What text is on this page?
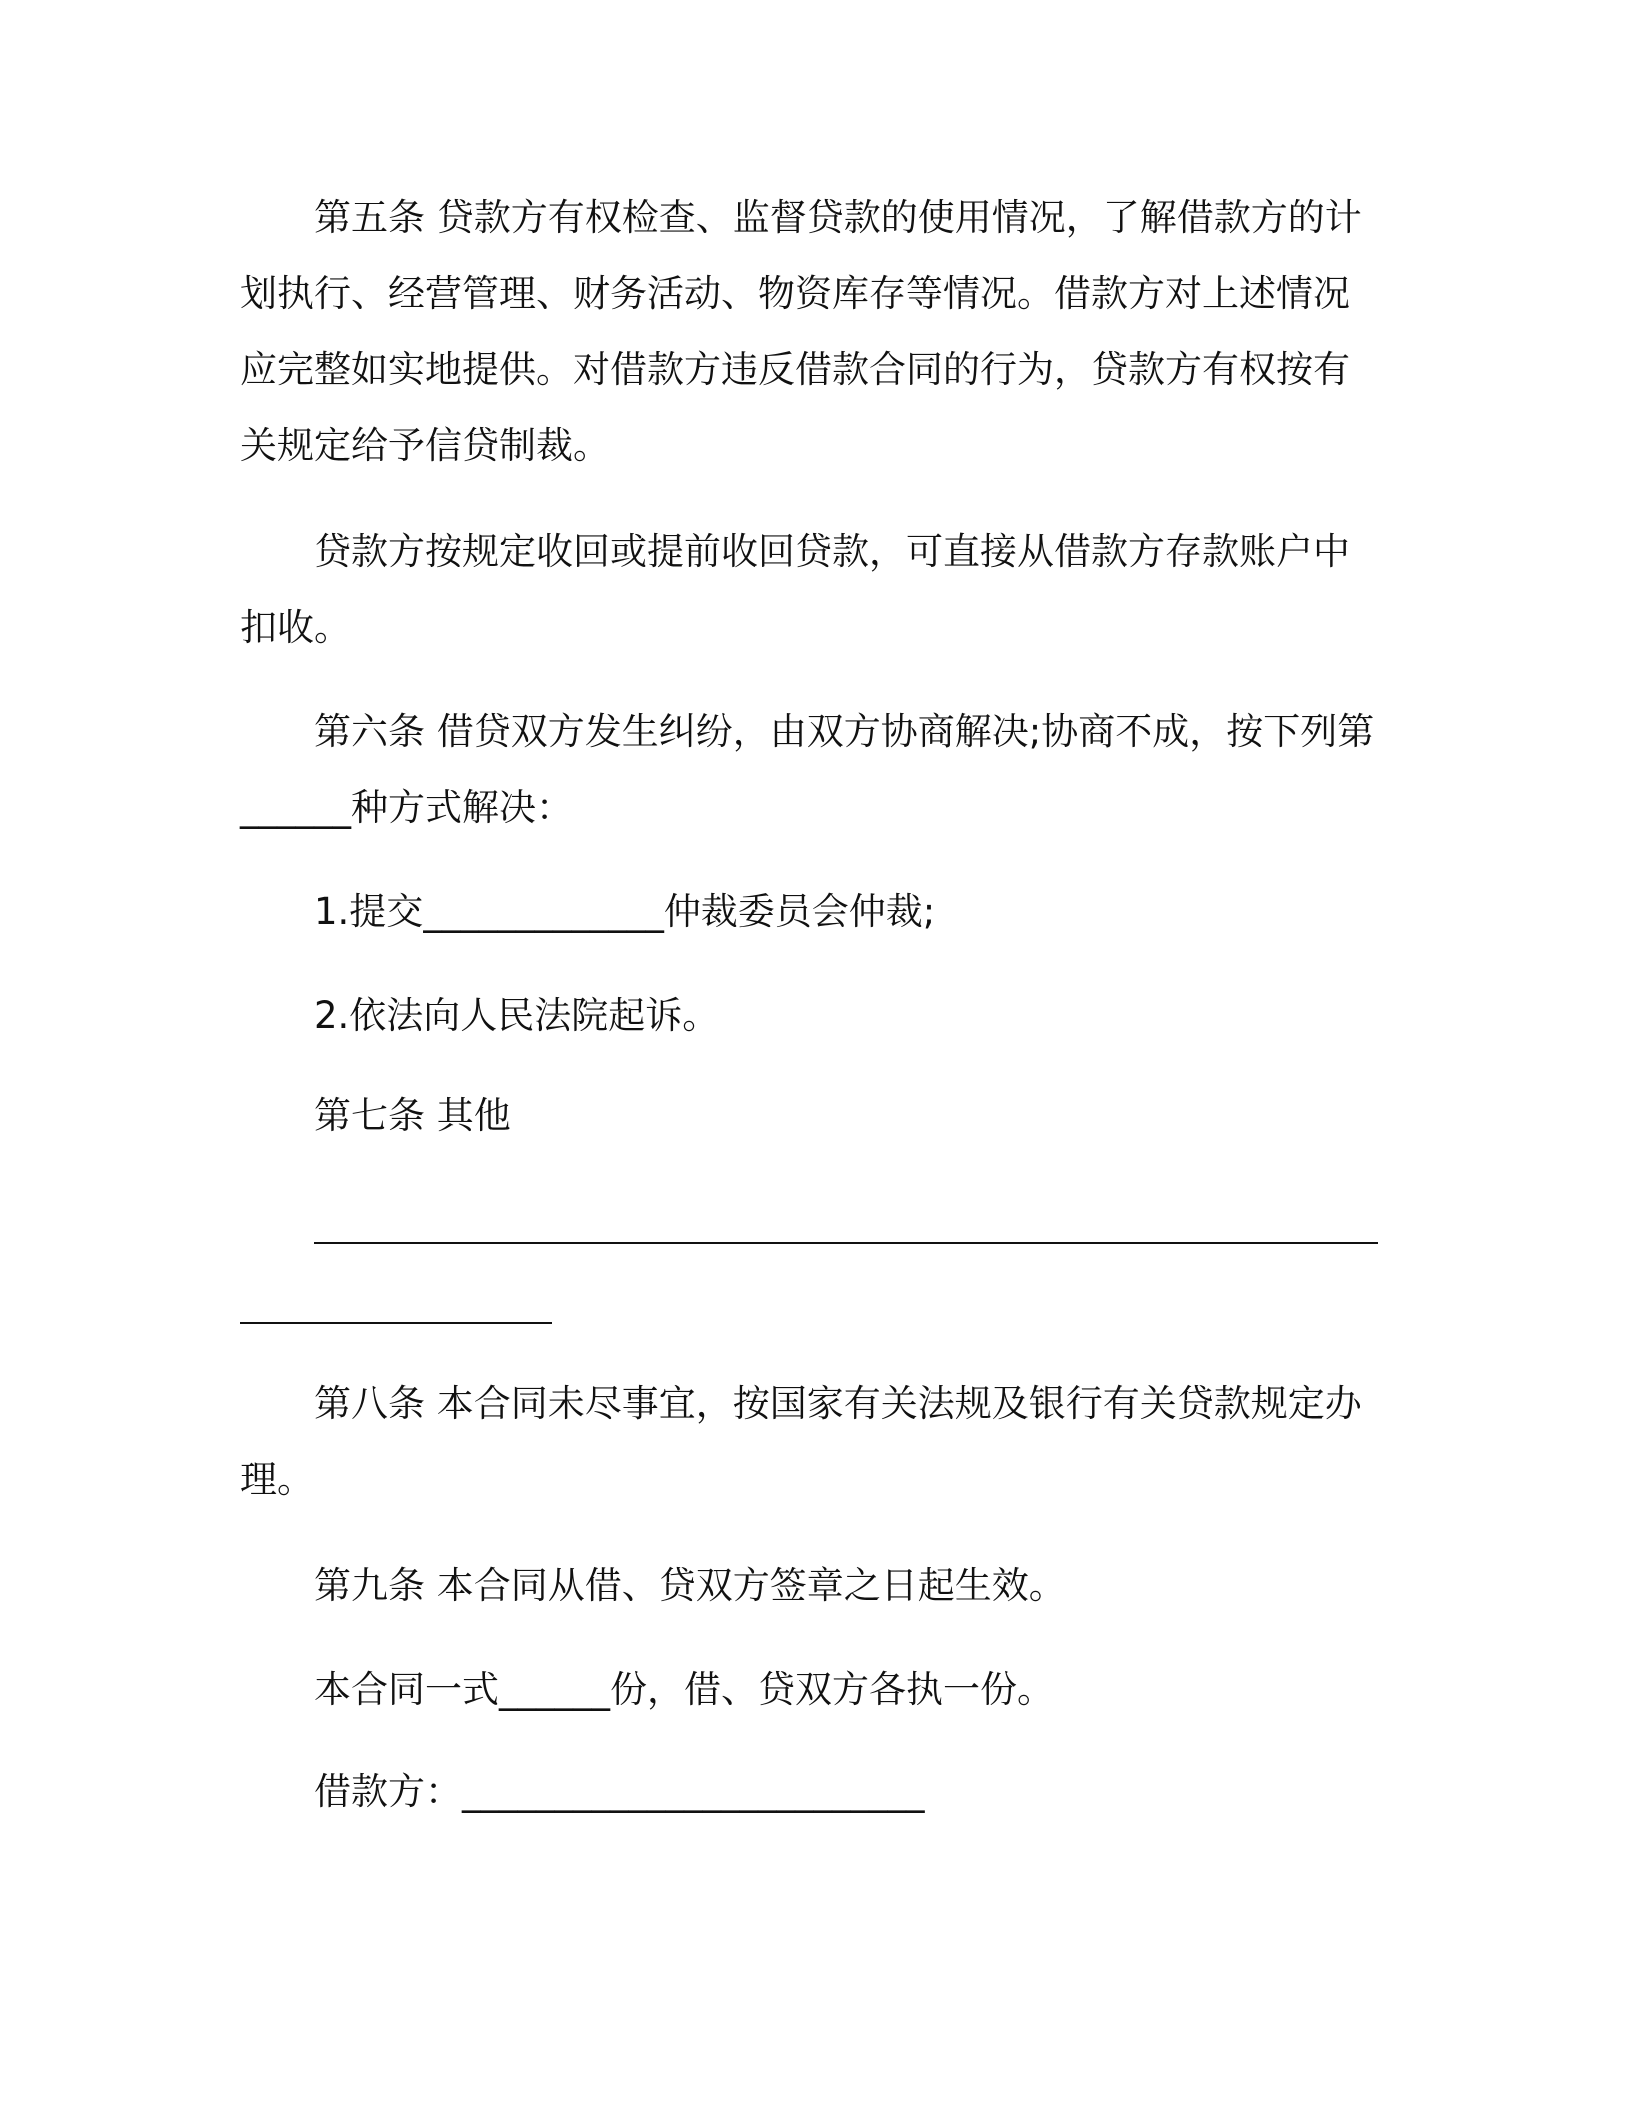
第五条 贷款方有权检查、监督贷款的使用情况，了解借款方的计
划执行、经营管理、财务活动、物资库存等情况。借款方对上述情况
应完整如实地提供。对借款方违反借款合同的行为，贷款方有权按有
关规定给予信贷制裁。
贷款方按规定收回或提前收回贷款，可直接从借款方存款账户中
扣收。
第六条 借贷双方发生纠纷，由双方协商解决;协商不成，按下列第
______种方式解决：
1.提交_____________仲裁委员会仲裁;
2.依法向人民法院起诉。
第七条 其他
第八条 本合同未尽事宜，按国家有关法规及银行有关贷款规定办
理。
第九条 本合同从借、贷双方签章之日起生效。
本合同一式______份，借、贷双方各执一份。
借款方：_________________________
